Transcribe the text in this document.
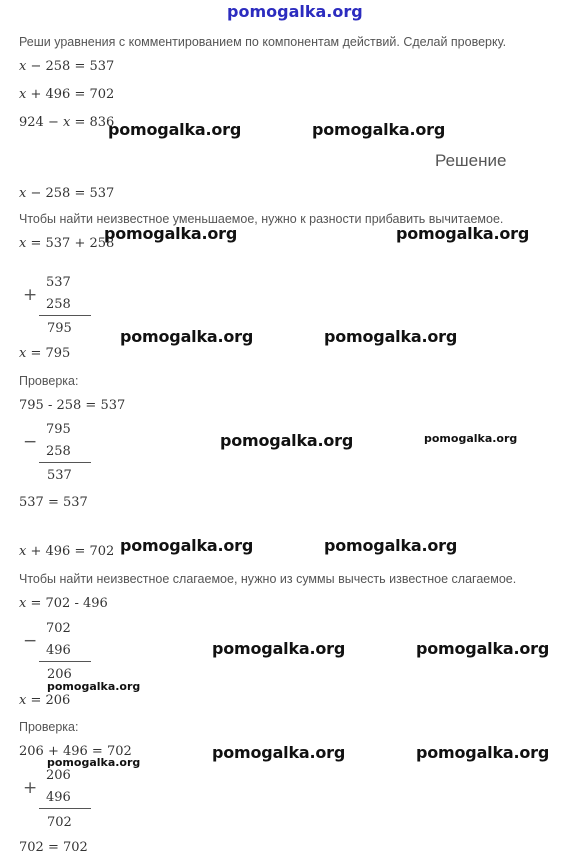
pomogalka.org
Реши уравнения с комментированием по компонентам действий. Сделай проверку.
x − 258 = 537
x + 496 = 702
924 − x = 836
pomogalka.org	pomogalka.org
Решение
x − 258 = 537
Чтобы найти неизвестное уменьшаемое, нужно к разности прибавить вычитаемое.
x = 537 + 258
pomogalka.org	pomogalka.org
+
537
258
795	pomogalka.org	pomogalka.org
x = 795
Проверка:
795 - 258 = 537
−
795
258
537
pomogalka.org	pomogalka.org
537 = 537
x + 496 = 702 pomogalka.org	pomogalka.org
Чтобы найти неизвестное слагаемое, нужно из суммы вычесть известное слагаемое.
x = 702 - 496
−
702
496
206
pomogalka.org	pomogalka.org
pomogalka.org
x = 206
Проверка:
206 + 496 = 702
pomogalka.org
pomogalka.org	pomogalka.org
+
206
496
702
702 = 702
